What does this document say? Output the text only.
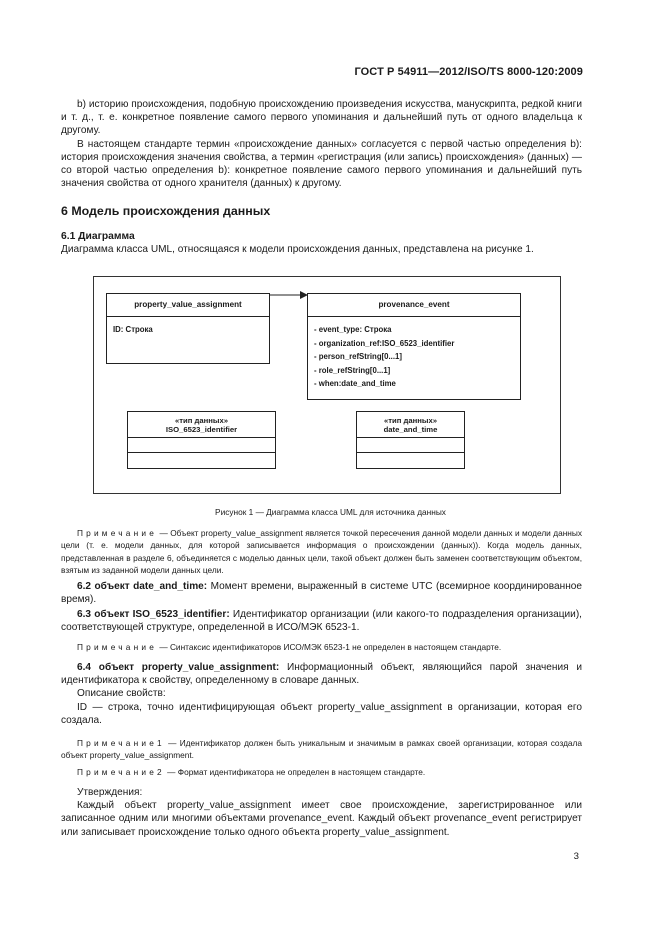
ГОСТ Р 54911—2012/ISO/TS 8000-120:2009

b) историю происхождения, подобную происхождению произведения искусства, манускрипта, редкой книги и т. д., т. е. конкретное появление самого первого упоминания и дальнейший путь от одного владельца к другому.

В настоящем стандарте термин «происхождение данных» согласуется с первой частью определения b): история происхождения значения свойства, а термин «регистрация (или запись) происхождения» (данных) — со второй частью определения b): конкретное появление самого первого упоминания и дальнейший путь значения свойства от одного хранителя (данных) к другому.

6 Модель происхождения данных
6.1 Диаграмма
Диаграмма класса UML, относящаяся к модели происхождения данных, представлена на рисунке 1.
property_value_assignment
ID: Строка
provenance_event
- event_type: Строка
- organization_ref:ISO_6523_identifier
- person_refString[0...1]
- role_refString[0...1]
- when:date_and_time
«тип данных»
ISO_6523_identifier
«тип данных»
date_and_time
Рисунок 1 — Диаграмма класса UML для источника данных

Примечание — Объект property_value_assignment является точкой пересечения данной модели данных и модели данных цели (т. е. модели данных, для которой записывается информация о происхождении (данных)). Когда модель данных, представленная в разделе 6, объединяется с моделью данных цели, такой объект должен быть заменен соответствующим объектом, взятым из заданной модели данных цели.

6.2 объект date_and_time: Момент времени, выраженный в системе UTC (всемирное координированное время).

6.3 объект ISO_6523_identifier: Идентификатор организации (или какого-то подразделения организации), соответствующей структуре, определенной в ИСО/МЭК 6523-1.

Примечание — Синтаксис идентификаторов ИСО/МЭК 6523-1 не определен в настоящем стандарте.

6.4 объект property_value_assignment: Информационный объект, являющийся парой значения и идентификатора к свойству, определенному в словаре данных.

Описание свойств:

ID — строка, точно идентифицирующая объект property_value_assignment в организации, которая его создала.

Примечание1 — Идентификатор должен быть уникальным и значимым в рамках своей организации, которая создала объект property_value_assignment.

Примечание2 — Формат идентификатора не определен в настоящем стандарте.

Утверждения:

Каждый объект property_value_assignment имеет свое происхождение, зарегистрированное или записанное одним или многими объектами provenance_event. Каждый объект provenance_event регистрирует или записывает происхождение только одного объекта property_value_assignment.

3
